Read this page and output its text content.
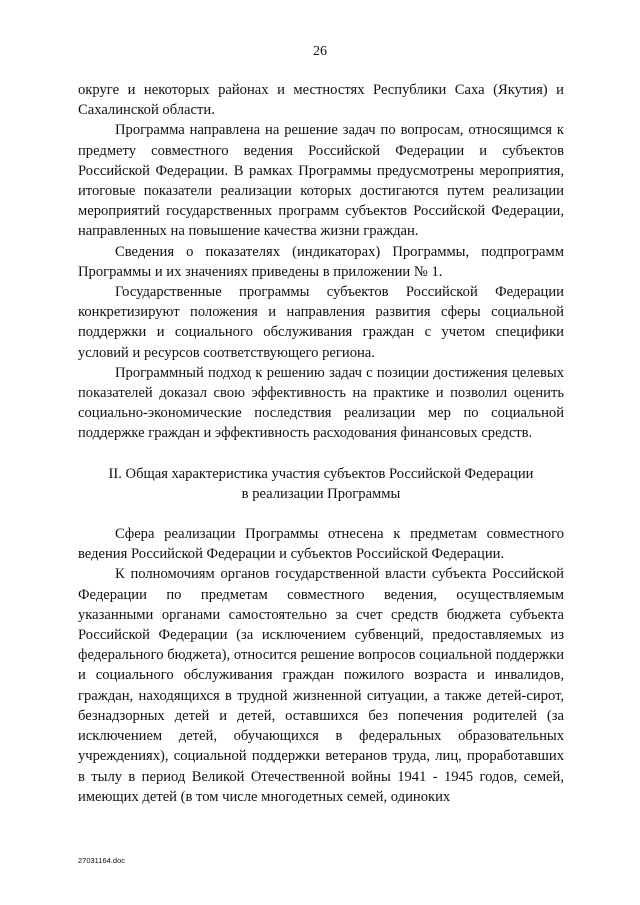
26

округе и некоторых районах и местностях Республики Саха (Якутия) и Сахалинской области.

Программа направлена на решение задач по вопросам, относящимся к предмету совместного ведения Российской Федерации и субъектов Российской Федерации. В рамках Программы предусмотрены мероприятия, итоговые показатели реализации которых достигаются путем реализации мероприятий государственных программ субъектов Российской Федерации, направленных на повышение качества жизни граждан.

Сведения о показателях (индикаторах) Программы, подпрограмм Программы и их значениях приведены в приложении № 1.

Государственные программы субъектов Российской Федерации конкретизируют положения и направления развития сферы социальной поддержки и социального обслуживания граждан с учетом специфики условий и ресурсов соответствующего региона.

Программный подход к решению задач с позиции достижения целевых показателей доказал свою эффективность на практике и позволил оценить социально-экономические последствия реализации мер по социальной поддержке граждан и эффективность расходования финансовых средств.

II. Общая характеристика участия субъектов Российской Федерации
в реализации Программы

Сфера реализации Программы отнесена к предметам совместного ведения Российской Федерации и субъектов Российской Федерации.

К полномочиям органов государственной власти субъекта Российской Федерации по предметам совместного ведения, осуществляемым указанными органами самостоятельно за счет средств бюджета субъекта Российской Федерации (за исключением субвенций, предоставляемых из федерального бюджета), относится решение вопросов социальной поддержки и социального обслуживания граждан пожилого возраста и инвалидов, граждан, находящихся в трудной жизненной ситуации, а также детей-сирот, безнадзорных детей и детей, оставшихся без попечения родителей (за исключением детей, обучающихся в федеральных образовательных учреждениях), социальной поддержки ветеранов труда, лиц, проработавших в тылу в период Великой Отечественной войны 1941 - 1945 годов, семей, имеющих детей (в том числе многодетных семей, одиноких

27031164.doc
